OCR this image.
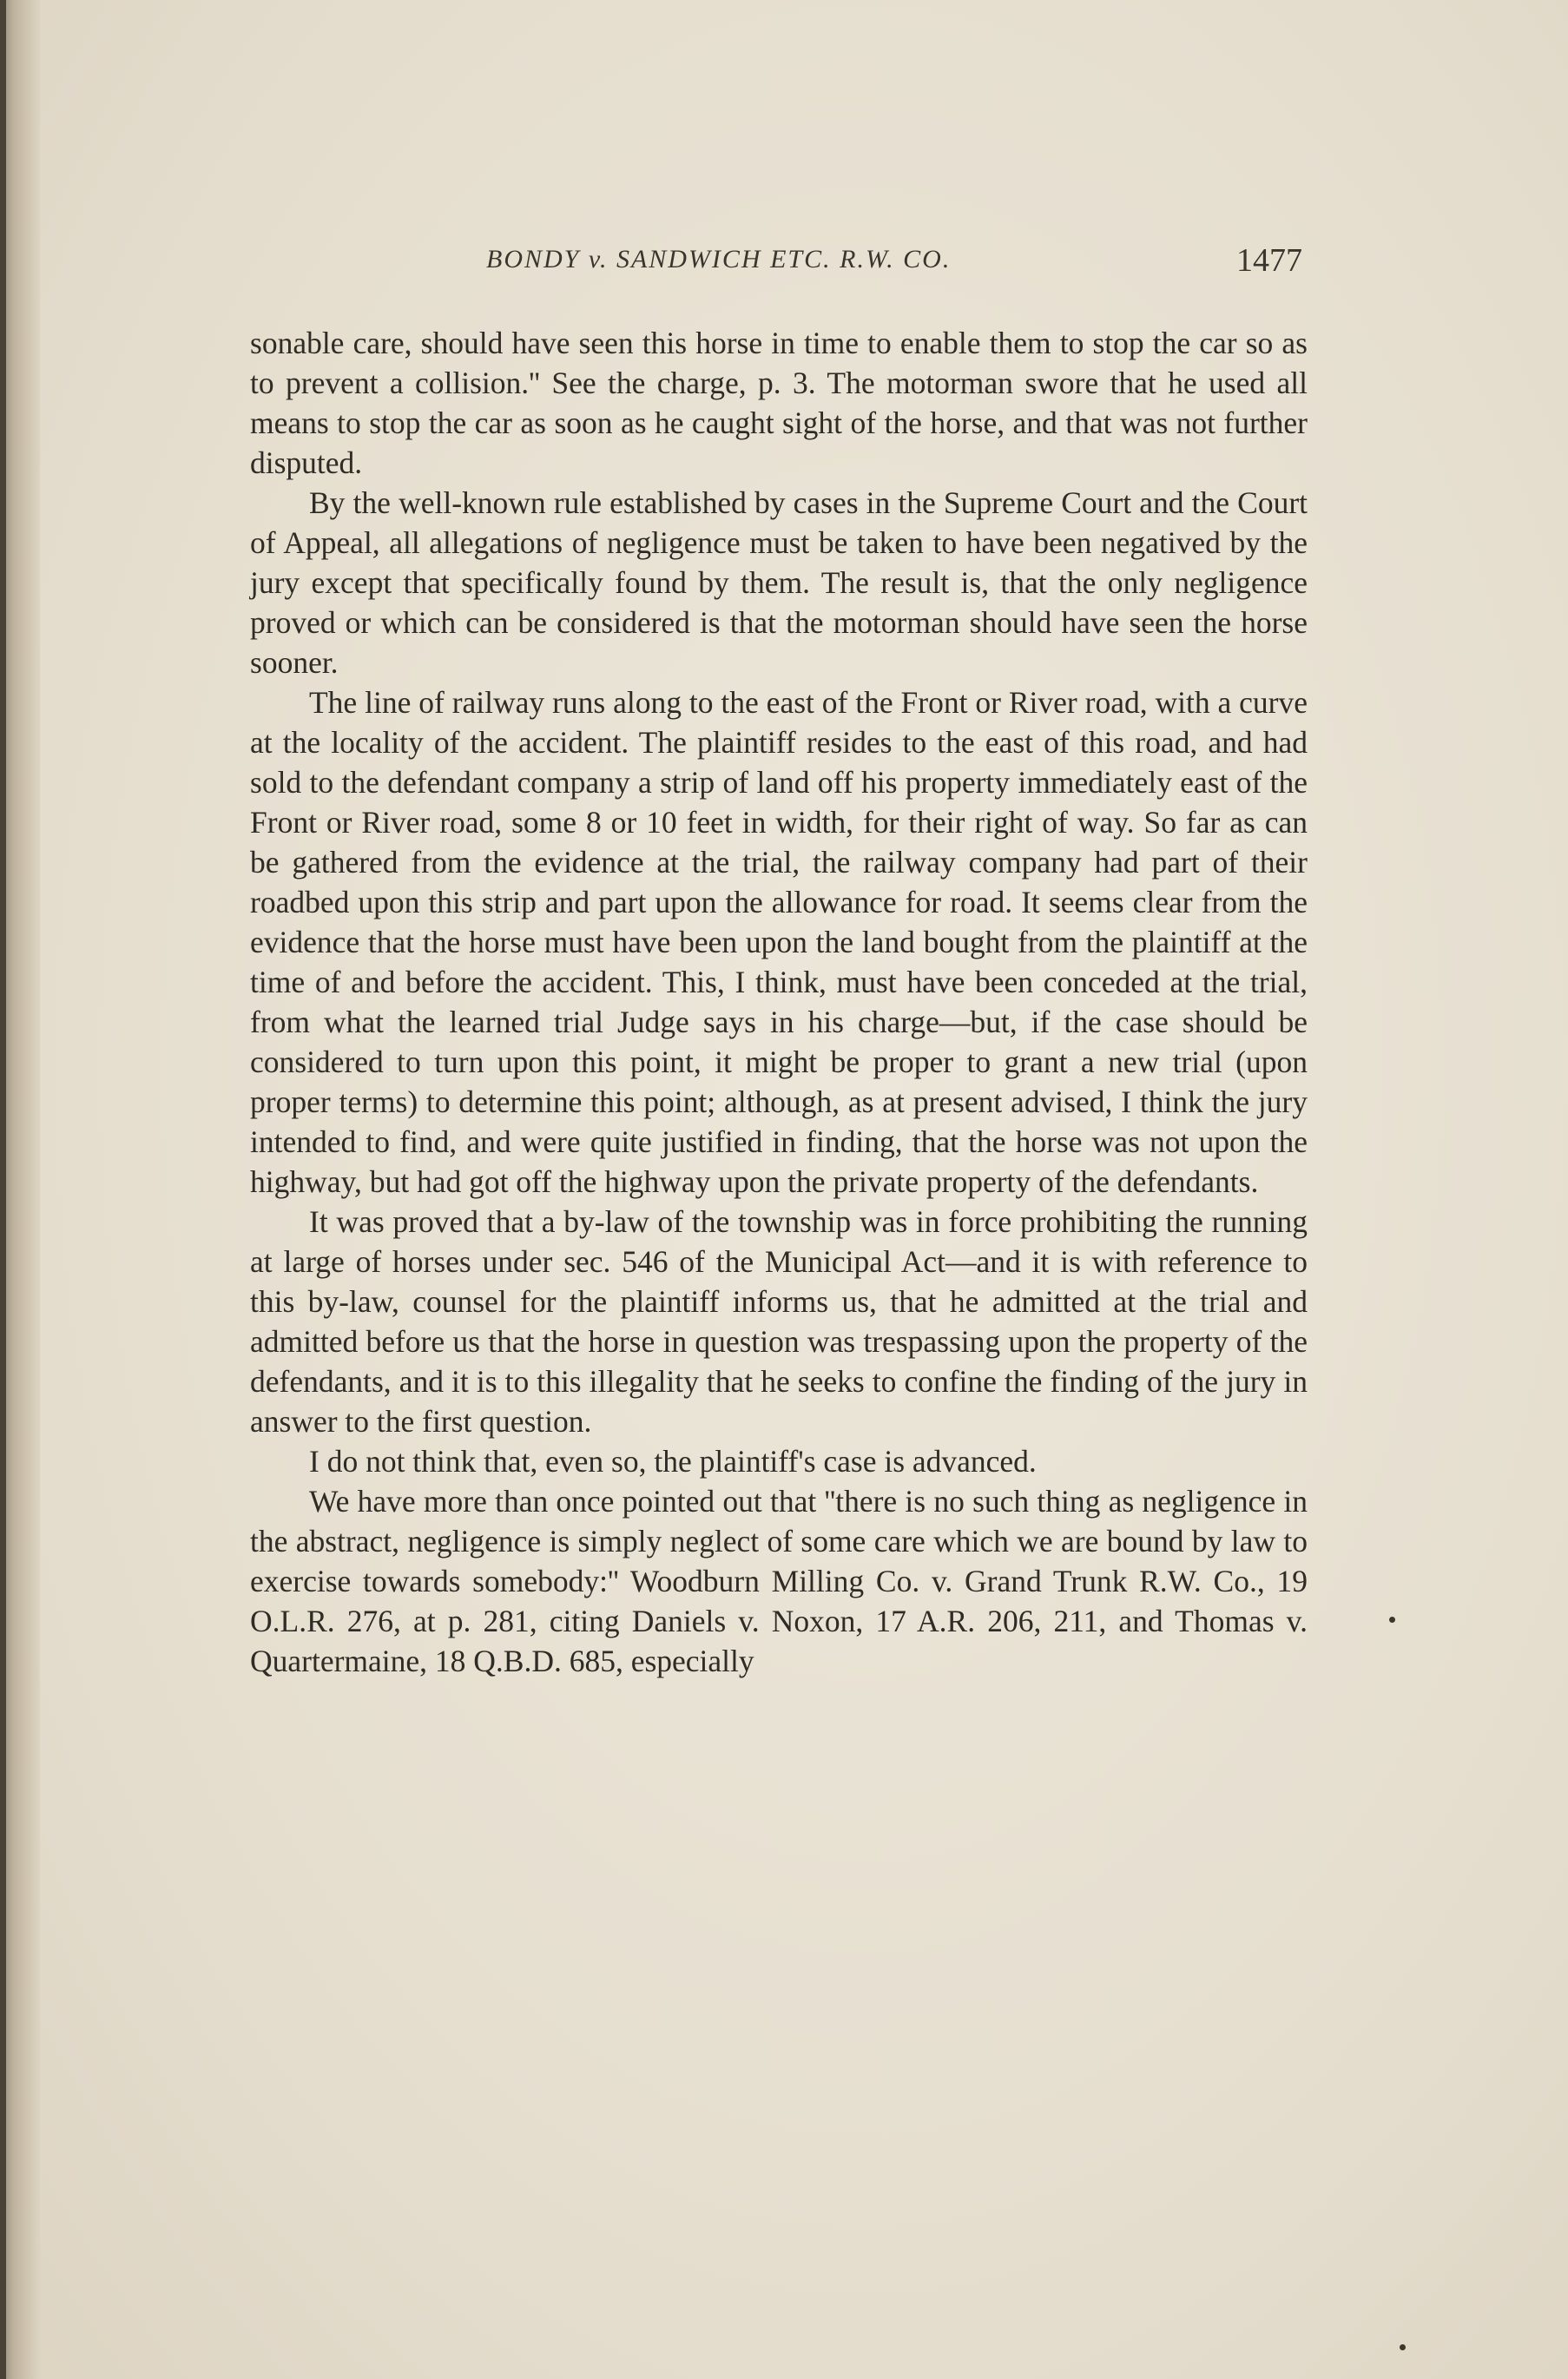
BONDY v. SANDWICH ETC. R.W. CO.	1477

sonable care, should have seen this horse in time to enable them to stop the car so as to prevent a collision.'' See the charge, p. 3. The motorman swore that he used all means to stop the car as soon as he caught sight of the horse, and that was not further disputed.

By the well-known rule established by cases in the Supreme Court and the Court of Appeal, all allegations of negligence must be taken to have been negatived by the jury except that specifically found by them. The result is, that the only negligence proved or which can be considered is that the motorman should have seen the horse sooner.

The line of railway runs along to the east of the Front or River road, with a curve at the locality of the accident. The plaintiff resides to the east of this road, and had sold to the defendant company a strip of land off his property immediately east of the Front or River road, some 8 or 10 feet in width, for their right of way. So far as can be gathered from the evidence at the trial, the railway company had part of their roadbed upon this strip and part upon the allowance for road. It seems clear from the evidence that the horse must have been upon the land bought from the plaintiff at the time of and before the accident. This, I think, must have been conceded at the trial, from what the learned trial Judge says in his charge—but, if the case should be considered to turn upon this point, it might be proper to grant a new trial (upon proper terms) to determine this point; although, as at present advised, I think the jury intended to find, and were quite justified in finding, that the horse was not upon the highway, but had got off the highway upon the private property of the defendants.

It was proved that a by-law of the township was in force prohibiting the running at large of horses under sec. 546 of the Municipal Act—and it is with reference to this by-law, counsel for the plaintiff informs us, that he admitted at the trial and admitted before us that the horse in question was trespassing upon the property of the defendants, and it is to this illegality that he seeks to confine the finding of the jury in answer to the first question.

I do not think that, even so, the plaintiff's case is advanced.

We have more than once pointed out that ''there is no such thing as negligence in the abstract, negligence is simply neglect of some care which we are bound by law to exercise towards somebody:'' Woodburn Milling Co. v. Grand Trunk R.W. Co., 19 O.L.R. 276, at p. 281, citing Daniels v. Noxon, 17 A.R. 206, 211, and Thomas v. Quartermaine, 18 Q.B.D. 685, especially
